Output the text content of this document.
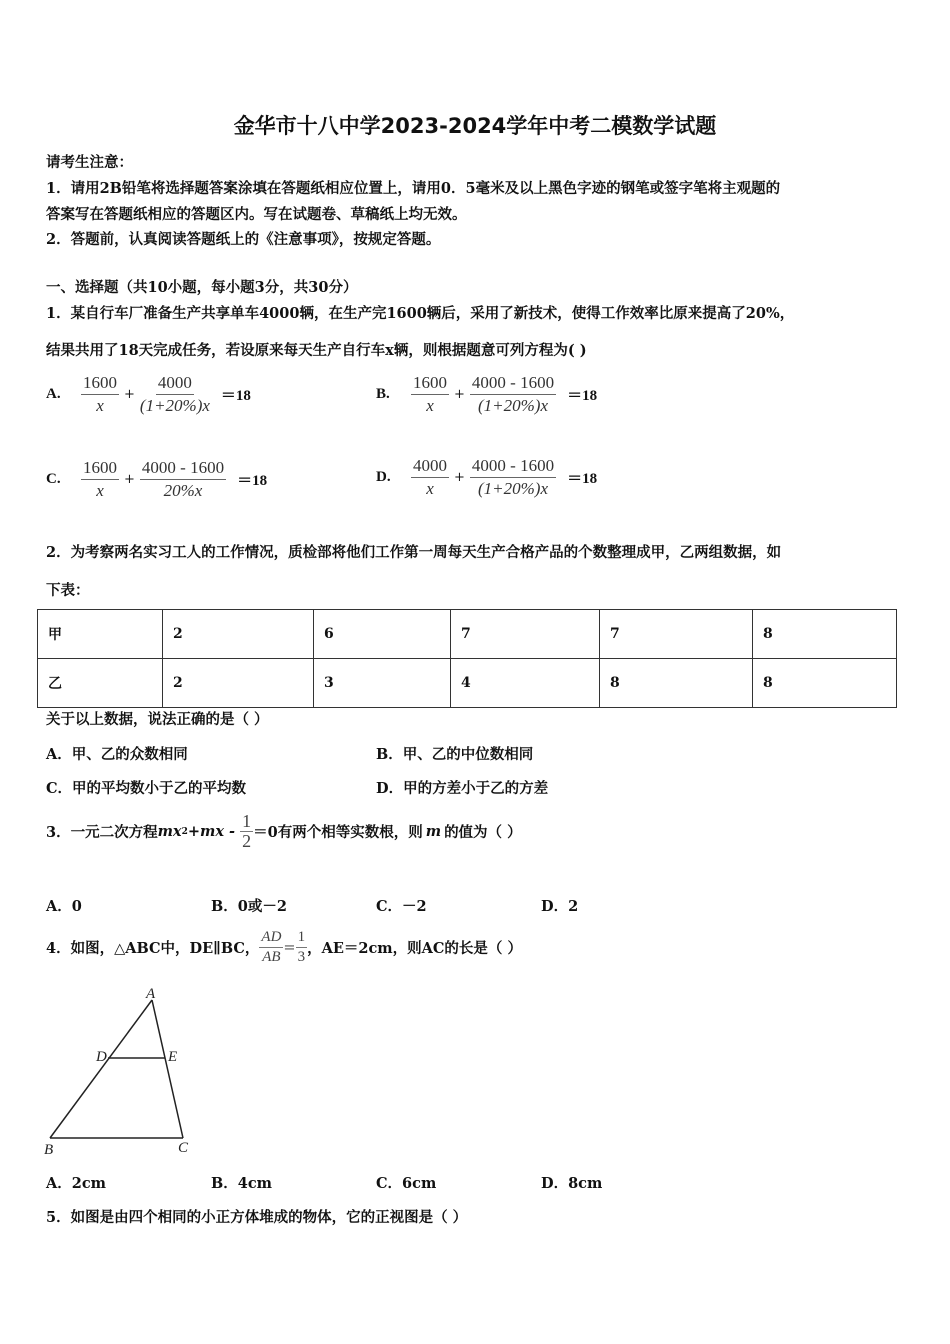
金华市十八中学2023-2024学年中考二模数学试题
请考生注意：
1．请用2B铅笔将选择题答案涂填在答题纸相应位置上，请用0．5毫米及以上黑色字迹的钢笔或签字笔将主观题的
答案写在答题纸相应的答题区内。写在试题卷、草稿纸上均无效。
2．答题前，认真阅读答题纸上的《注意事项》，按规定答题。
一、选择题（共10小题，每小题3分，共30分）
1．某自行车厂准备生产共享单车4000辆，在生产完1600辆后，采用了新技术，使得工作效率比原来提高了20%，
结果共用了18天完成任务，若设原来每天生产自行车x辆，则根据题意可列方程为( )
A.	$\frac{1600}{x} + \frac{4000}{(1+20\%)x} =18$	B.	$\frac{1600}{x} + \frac{4000 - 1600}{(1+20\%)x} =18$
C.	$\frac{1600}{x} + \frac{4000 - 1600}{20\%x} =18$	D.	$\frac{4000}{x} + \frac{4000 - 1600}{(1+20\%)x} =18$
2．为考察两名实习工人的工作情况，质检部将他们工作第一周每天生产合格产品的个数整理成甲，乙两组数据，如
下表：
甲	2	6	7	7	8
乙	2	3	4	8	8
关于以上数据，说法正确的是（ ）
A．甲、乙的众数相同	B．甲、乙的中位数相同
C．甲的平均数小于乙的平均数	D．甲的方差小于乙的方差
3．一元二次方程 mx $2 +mx - \frac{1}{2} =0$有两个相等实数根，则 m 的值为（ ）
A．0	B．0或－2	C．－2	D．2
4．如图，△ABC中，DE∥BC， $\frac{AD}{AB} = \frac{1}{3}$ ，AE＝2cm，则AC的长是（ ）
A
D	E
B	C
A．2cm	B．4cm	C．6cm	D．8cm
5．如图是由四个相同的小正方体堆成的物体，它的正视图是（ ）
